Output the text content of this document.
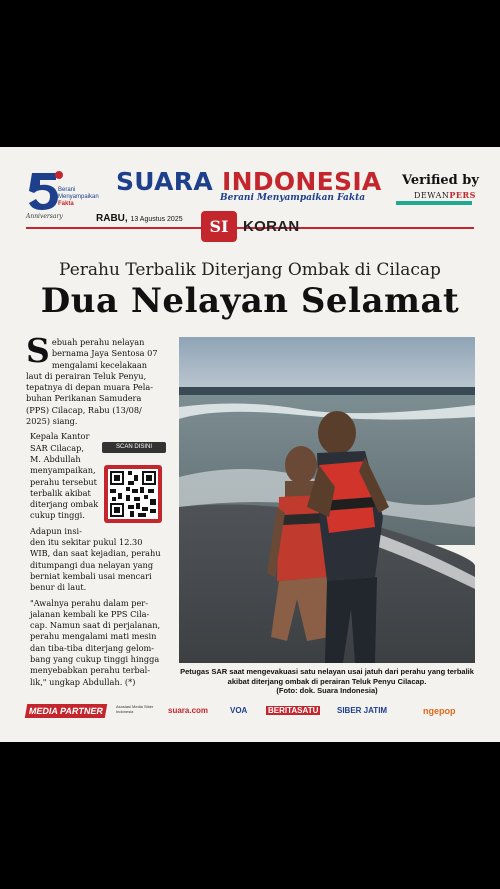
Berani
Menyampaikan
Fakta
Anniversary
SUARA INDONESIA
Berani Menyampaikan Fakta
Verified by
DEWANPERS
RABU, 13 Agustus 2025	SI KORAN
Perahu Terbalik Diterjang Ombak di Cilacap
Dua Nelayan Selamat

S ebuah perahu nelayan
bernama Jaya Sentosa 07
mengalami kecelakaan
laut di perairan Teluk Penyu,
tepatnya di depan muara Pela-
buhan Perikanan Samudera
(PPS) Cilacap, Rabu (13/08/
2025) siang.

Kepala Kantor
SAR Cilacap,
M. Abdullah
menyampaikan,
perahu tersebut
terbalik akibat
diterjang ombak
cukup tinggi.

Adapun insi-
den itu sekitar pukul 12.30
WIB, dan saat kejadian, perahu
ditumpangi dua nelayan yang
berniat kembali usai mencari
benur di laut.

"Awalnya perahu dalam per-
jalanan kembali ke PPS Cila-
cap. Namun saat di perjalanan,
perahu mengalami mati mesin
dan tiba-tiba diterjang gelom-
bang yang cukup tinggi hingga
menyebabkan perahu terbal-
lik," ungkap Abdullah. (*)

SCAN DISINI
Petugas SAR saat mengevakuasi satu nelayan usai jatuh dari perahu yang terbalik
akibat diterjang ombak di perairan Teluk Penyu Cilacap.
(Foto: dok. Suara Indonesia)
MEDIA PARTNER	Asosiasi Media Siber Indonesia	suara.com	VOA	BERITASATU SIBER JATIM	ngepop
